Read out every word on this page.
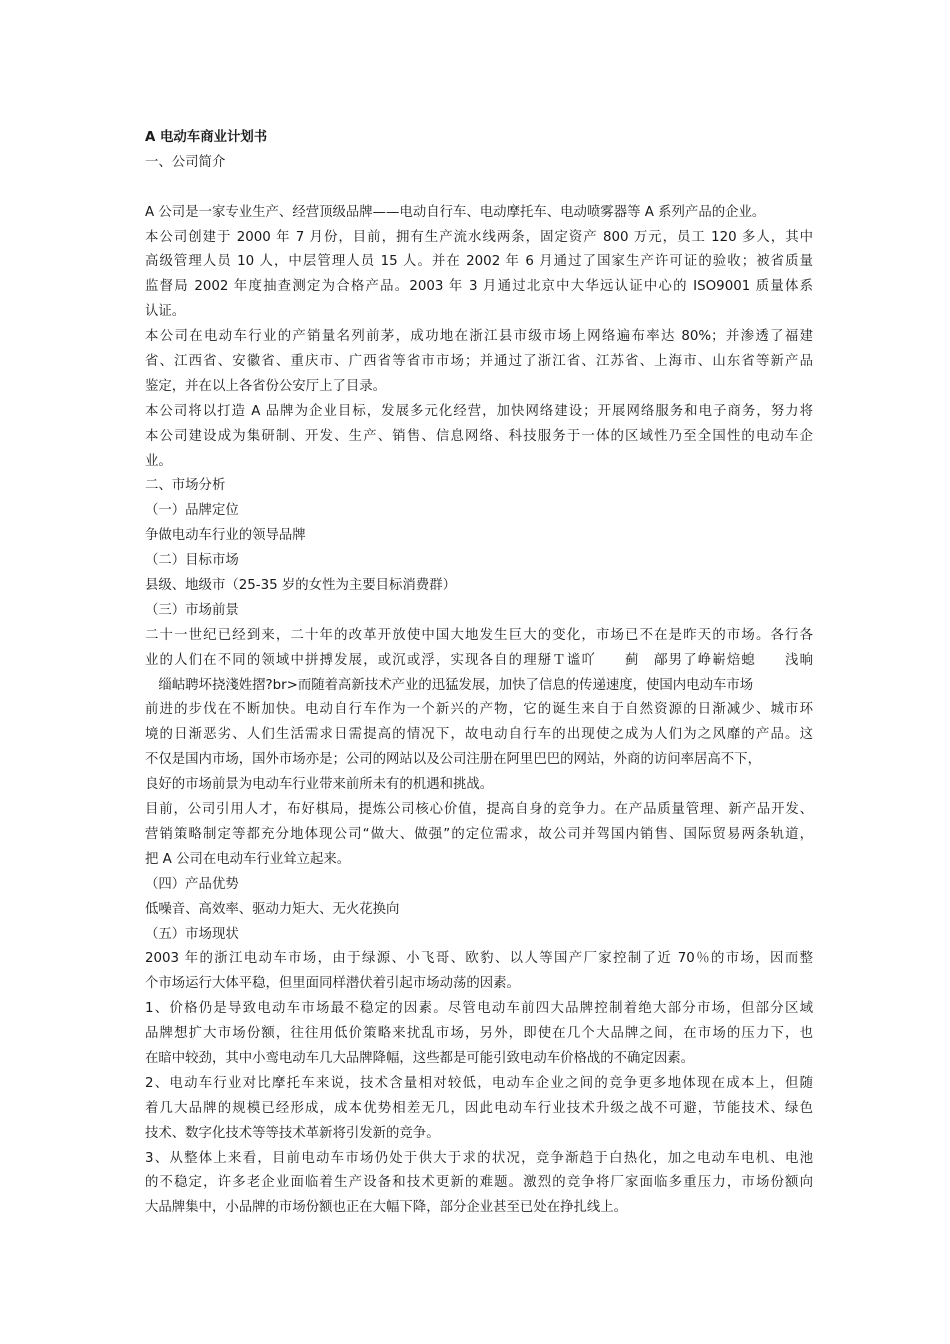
A 电动车商业计划书
一、公司简介

A 公司是一家专业生产、经营顶级品牌——电动自行车、电动摩托车、电动喷雾器等 A 系列产品的企业。
本公司创建于 2000 年 7 月份，目前，拥有生产流水线两条，固定资产 800 万元，员工 120 多人，其中
高级管理人员 10 人，中层管理人员 15 人。并在 2002 年 6 月通过了国家生产许可证的验收；被省质量
监督局 2002 年度抽查测定为合格产品。2003 年 3 月通过北京中大华远认证中心的 ISO9001 质量体系
认证。
本公司在电动车行业的产销量名列前茅，成功地在浙江县市级市场上网络遍布率达 80%；并渗透了福建
省、江西省、安徽省、重庆市、广西省等省市市场；并通过了浙江省、江苏省、上海市、山东省等新产品
鉴定，并在以上各省份公安厅上了目录。
本公司将以打造 A 品牌为企业目标，发展多元化经营，加快网络建设；开展网络服务和电子商务，努力将
本公司建设成为集研制、开发、生产、销售、信息网络、科技服务于一体的区域性乃至全国性的电动车企
业。
二、市场分析
（一）品牌定位
争做电动车行业的领导品牌
（二）目标市场
县级、地级市（25-35 岁的女性为主要目标消费群）
（三）市场前景
二十一世纪已经到来，二十年的改革开放使中国大地发生巨大的变化，市场已不在是昨天的市场。各行各
业的人们在不同的领域中拼搏发展，或沉或浮，实现各自的理掰Ｔ谧吖　　蓟　鄗男了峥嶄焙螅　　浅晌
　缁岵聘坏挠淺姓摺?br>而随着高新技术产业的迅猛发展，加快了信息的传递速度，使国内电动车市场
前进的步伐在不断加快。电动自行车作为一个新兴的产物，它的诞生来自于自然资源的日渐减少、城市环
境的日渐恶劣、人们生活需求日需提高的情况下，故电动自行车的出现使之成为人们为之风靡的产品。这
不仅是国内市场，国外市场亦是；公司的网站以及公司注册在阿里巴巴的网站，外商的访问率居高不下，
良好的市场前景为电动车行业带来前所未有的机遇和挑战。
目前，公司引用人才，布好棋局，提炼公司核心价值，提高自身的竞争力。在产品质量管理、新产品开发、
营销策略制定等都充分地体现公司“做大、做强”的定位需求，故公司并驾国内销售、国际贸易两条轨道，
把 A 公司在电动车行业耸立起来。
（四）产品优势
低噪音、高效率、驱动力矩大、无火花换向
（五）市场现状
2003 年的浙江电动车市场，由于绿源、小飞哥、欧豹、以人等国产厂家控制了近 70％的市场，因而整
个市场运行大体平稳，但里面同样潜伏着引起市场动荡的因素。
1、价格仍是导致电动车市场最不稳定的因素。尽管电动车前四大品牌控制着绝大部分市场，但部分区域
品牌想扩大市场份额，往往用低价策略来扰乱市场，另外，即使在几个大品牌之间，在市场的压力下，也
在暗中较劲，其中小鸾电动车几大品牌降幅，这些都是可能引致电动车价格战的不确定因素。
2、电动车行业对比摩托车来说，技术含量相对较低，电动车企业之间的竞争更多地体现在成本上，但随
着几大品牌的规模已经形成，成本优势相差无几，因此电动车行业技术升级之战不可避，节能技术、绿色
技术、数字化技术等等技术革新将引发新的竞争。
3、从整体上来看，目前电动车市场仍处于供大于求的状况，竞争渐趋于白热化，加之电动车电机、电池
的不稳定，许多老企业面临着生产设备和技术更新的难题。激烈的竞争将厂家面临多重压力，市场份额向
大品牌集中，小品牌的市场份额也正在大幅下降，部分企业甚至已处在挣扎线上。
